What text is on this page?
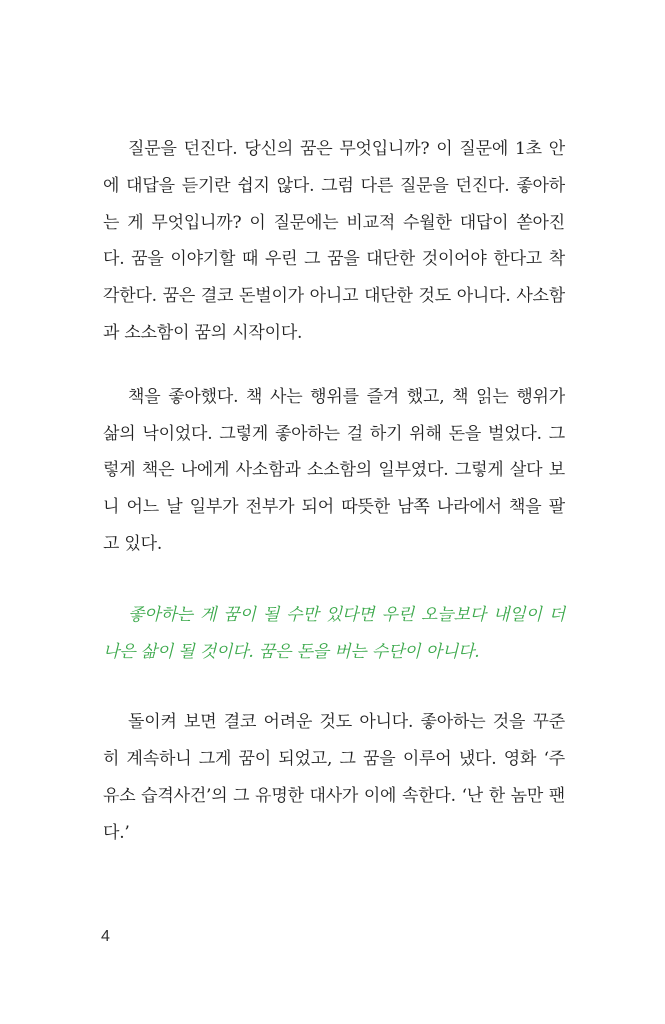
질문을 던진다. 당신의 꿈은 무엇입니까? 이 질문에 1초 안
에 대답을 듣기란 쉽지 않다. 그럼 다른 질문을 던진다. 좋아하
는 게 무엇입니까? 이 질문에는 비교적 수월한 대답이 쏟아진
다. 꿈을 이야기할 때 우린 그 꿈을 대단한 것이어야 한다고 착
각한다. 꿈은 결코 돈벌이가 아니고 대단한 것도 아니다. 사소함
과 소소함이 꿈의 시작이다.
책을 좋아했다. 책 사는 행위를 즐겨 했고, 책 읽는 행위가
삶의 낙이었다. 그렇게 좋아하는 걸 하기 위해 돈을 벌었다. 그
렇게 책은 나에게 사소함과 소소함의 일부였다. 그렇게 살다 보
니 어느 날 일부가 전부가 되어 따뜻한 남쪽 나라에서 책을 팔
고 있다.
좋아하는 게 꿈이 될 수만 있다면 우린 오늘보다 내일이 더
나은 삶이 될 것이다. 꿈은 돈을 버는 수단이 아니다.
돌이켜 보면 결코 어려운 것도 아니다. 좋아하는 것을 꾸준
히 계속하니 그게 꿈이 되었고, 그 꿈을 이루어 냈다. 영화 ‘주
유소 습격사건’의 그 유명한 대사가 이에 속한다. ‘난 한 놈만 팬
다.’
4
